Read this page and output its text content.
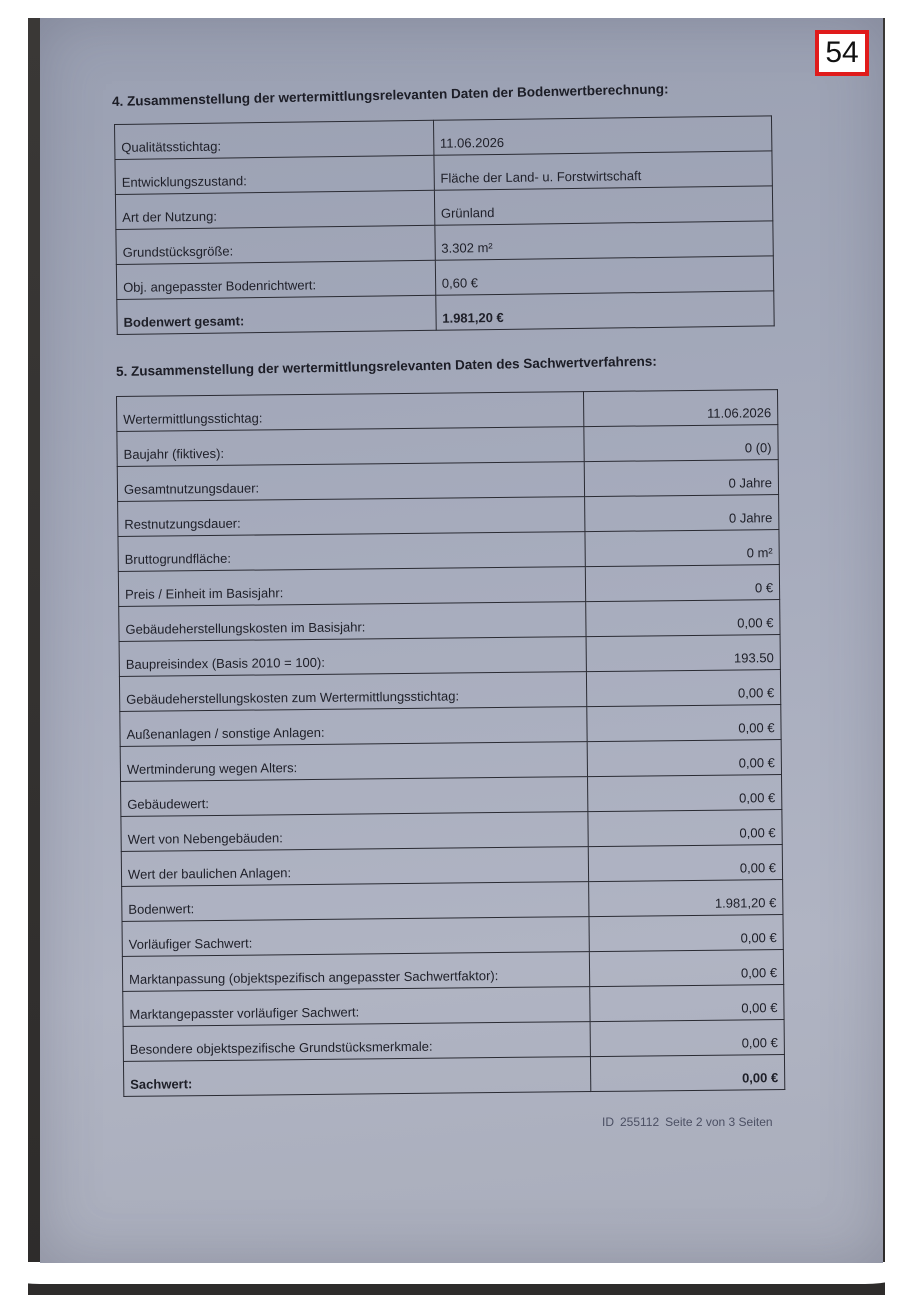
54
4. Zusammenstellung der wertermittlungsrelevanten Daten der Bodenwertberechnung:
Qualitätsstichtag:	11.06.2026
Entwicklungszustand:	Fläche der Land- u. Forstwirtschaft
Art der Nutzung:	Grünland
Grundstücksgröße:	3.302 m²
Obj. angepasster Bodenrichtwert:	0,60 €
Bodenwert gesamt:	1.981,20 €
5. Zusammenstellung der wertermittlungsrelevanten Daten des Sachwertverfahrens:
Wertermittlungsstichtag:	11.06.2026
Baujahr (fiktives):	0 (0)
Gesamtnutzungsdauer:	0 Jahre
Restnutzungsdauer:	0 Jahre
Bruttogrundfläche:	0 m²
Preis / Einheit im Basisjahr:	0 €
Gebäudeherstellungskosten im Basisjahr:	0,00 €
Baupreisindex (Basis 2010 = 100):	193.50
Gebäudeherstellungskosten zum Wertermittlungsstichtag:	0,00 €
Außenanlagen / sonstige Anlagen:	0,00 €
Wertminderung wegen Alters:	0,00 €
Gebäudewert:	0,00 €
Wert von Nebengebäuden:	0,00 €
Wert der baulichen Anlagen:	0,00 €
Bodenwert:	1.981,20 €
Vorläufiger Sachwert:	0,00 €
Marktanpassung (objektspezifisch angepasster Sachwertfaktor):	0,00 €
Marktangepasster vorläufiger Sachwert:	0,00 €
Besondere objektspezifische Grundstücksmerkmale:	0,00 €
Sachwert:	0,00 €
ID 255112 Seite 2 von 3 Seiten
